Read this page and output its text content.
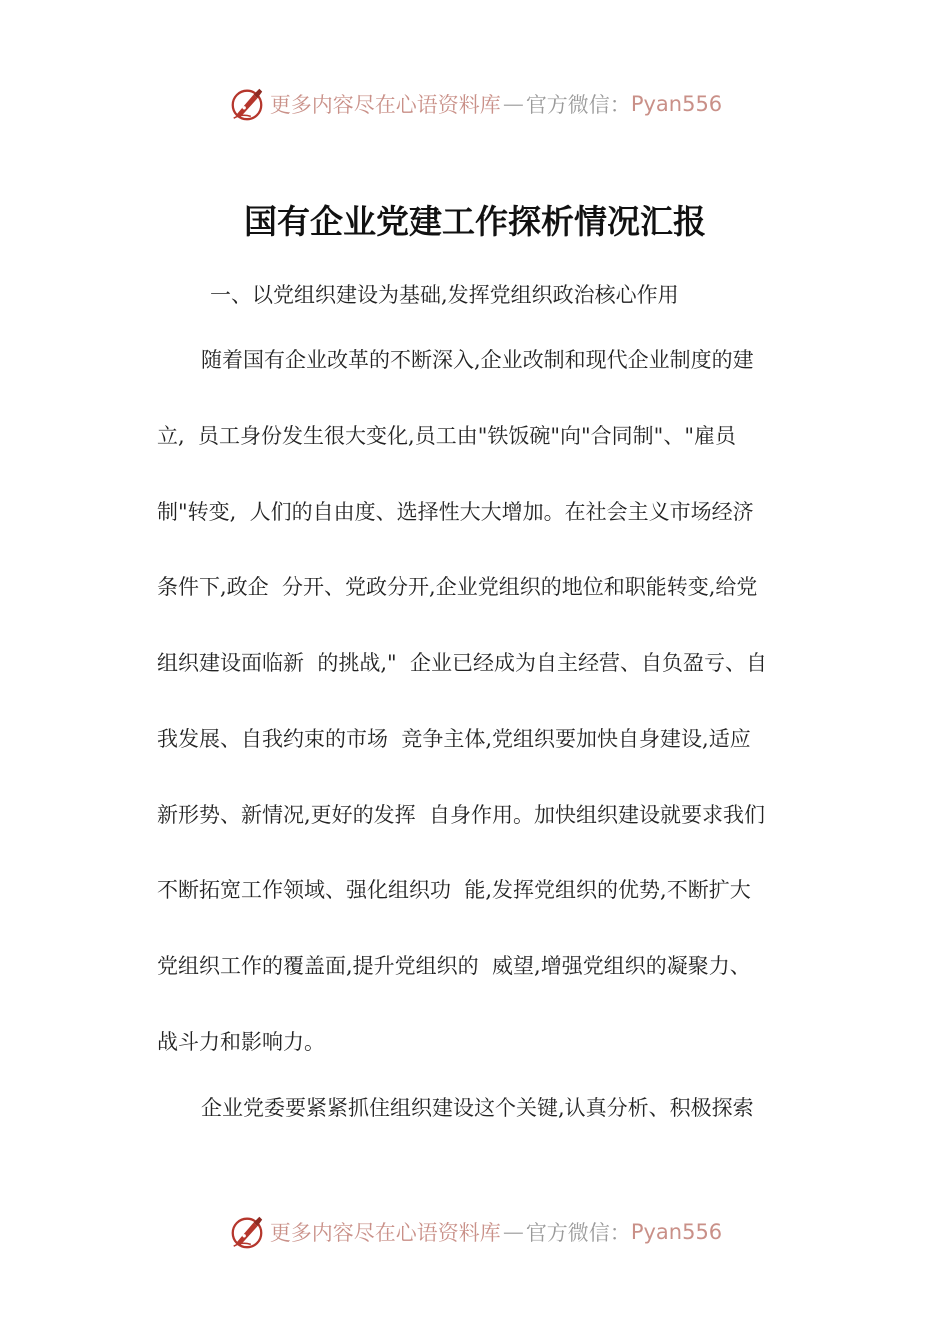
更多内容尽在心语资料库 — 官方微信： Pyan556
国有企业党建工作探析情况汇报

一、以党组织建设为基础,发挥党组织政治核心作用

随着国有企业改革的不断深入,企业改制和现代企业制度的建

立,  员工身份发生很大变化,员工由"铁饭碗"向"合同制"、"雇员

制"转变,  人们的自由度、选择性大大增加。在社会主义市场经济

条件下,政企  分开、党政分开,企业党组织的地位和职能转变,给党

组织建设面临新  的挑战,"  企业已经成为自主经营、自负盈亏、自

我发展、自我约束的市场  竞争主体,党组织要加快自身建设,适应

新形势、新情况,更好的发挥  自身作用。加快组织建设就要求我们

不断拓宽工作领域、强化组织功  能,发挥党组织的优势,不断扩大

党组织工作的覆盖面,提升党组织的  威望,增强党组织的凝聚力、

战斗力和影响力。

企业党委要紧紧抓住组织建设这个关键,认真分析、积极探索

更多内容尽在心语资料库 — 官方微信： Pyan556
